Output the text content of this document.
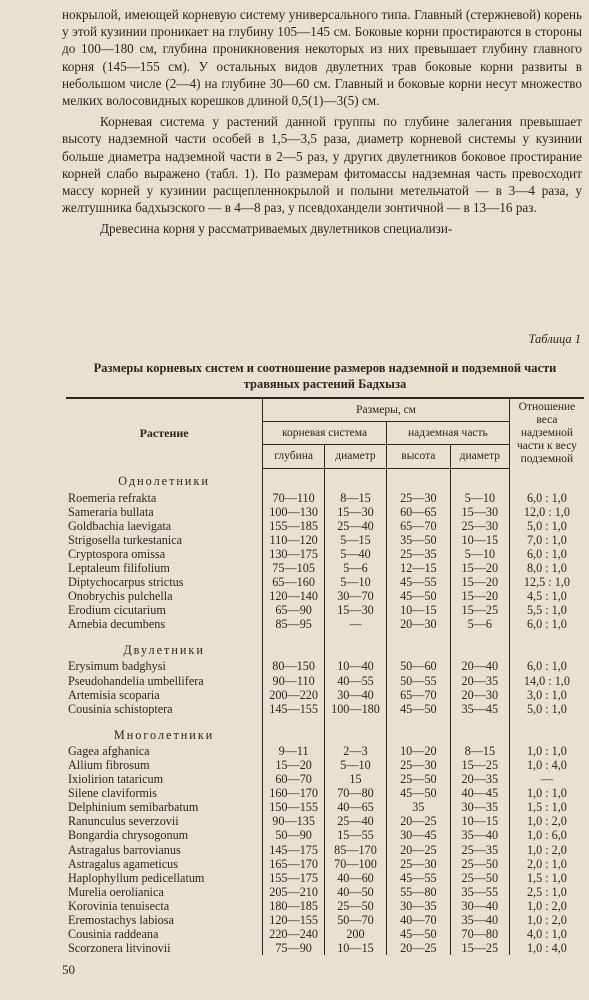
нокрылой, имеющей корневую систему универсального типа. Главный (стержневой) корень у этой кузинии проникает на глубину 105—145 см. Боковые корни простираются в стороны до 100—180 см, глубина проникновения некоторых из них превышает глубину главного корня (145—155 см). У остальных видов двулетних трав боковые корни развиты в небольшом числе (2—4) на глубине 30—60 см. Главный и боковые корни несут множество мелких волосовидных корешков длиной 0,5(1)—3(5) см.

Корневая система у растений данной группы по глубине залегания превышает высоту надземной части особей в 1,5—3,5 раза, диаметр корневой системы у кузинии больше диаметра надземной части в 2—5 раз, у других двулетников боковое простирание корней слабо выражено (табл. 1). По размерам фитомассы надземная часть превосходит массу корней у кузинии расщепленнокрылой и полыни метельчатой — в 3—4 раза, у желтушника бадхызского — в 4—8 раз, у псевдохандели зонтичной — в 13—16 раз.

Древесина корня у рассматриваемых двулетников специализи-

Таблица 1
Размеры корневых систем и соотношение размеров надземной и подземной части травяных растений Бадхыза
Растение	Размеры, см				Отношение веса надземной части к весу подземной
	корневая система		надземная часть		
	глубина	диаметр	высота	диаметр	
Однолетники					
Roemeria refrakta	70—110	8—15	25—30	5—10	6,0 : 1,0
Sameraria bullata	100—130	15—30	60—65	15—30	12,0 : 1,0
Goldbachia laevigata	155—185	25—40	65—70	25—30	5,0 : 1,0
Strigosella turkestanica	110—120	5—15	35—50	10—15	7,0 : 1,0
Cryptospora omissa	130—175	5—40	25—35	5—10	6,0 : 1,0
Leptaleum filifolium	75—105	5—6	12—15	15—20	8,0 : 1,0
Diptychocarpus strictus	65—160	5—10	45—55	15—20	12,5 : 1,0
Onobrychis pulchella	120—140	30—70	45—50	15—20	4,5 : 1,0
Erodium cicutarium	65—90	15—30	10—15	15—25	5,5 : 1,0
Arnebia decumbens	85—95	—	20—30	5—6	6,0 : 1,0

Двулетники					
Erysimum badghysi	80—150	10—40	50—60	20—40	6,0 : 1,0
Pseudohandelia umbellifera	90—110	40—55	50—55	20—35	14,0 : 1,0
Artemisia scoparia	200—220	30—40	65—70	20—30	3,0 : 1,0
Cousinia schistoptera	145—155	100—180	45—50	35—45	5,0 : 1,0

Многолетники					
Gagea afghanica	9—11	2—3	10—20	8—15	1,0 : 1,0
Allium fibrosum	15—20	5—10	25—30	15—25	1,0 : 4,0
Ixiolirion tataricum	60—70	15	25—50	20—35	—
Silene claviformis	160—170	70—80	45—50	40—45	1,0 : 1,0
Delphinium semibarbatum	150—155	40—65	35	30—35	1,5 : 1,0
Ranunculus severzovii	90—135	25—40	20—25	10—15	1,0 : 2,0
Bongardia chrysogonum	50—90	15—55	30—45	35—40	1,0 : 6,0
Astragalus barrovianus	145—175	85—170	20—25	25—35	1,0 : 2,0
Astragalus agameticus	165—170	70—100	25—30	25—50	2,0 : 1,0
Haplophyllum pedicellatum	155—175	40—60	45—55	25—50	1,5 : 1,0
Murelia oerolianica	205—210	40—50	55—80	35—55	2,5 : 1,0
Korovinia tenuisecta	180—185	25—50	30—35	30—40	1,0 : 2,0
Eremostachys labiosa	120—155	50—70	40—70	35—40	1,0 : 2,0
Cousinia raddeana	220—240	200	45—50	70—80	4,0 : 1,0
Scorzonera litvinovii	75—90	10—15	20—25	15—25	1,0 : 4,0
50
